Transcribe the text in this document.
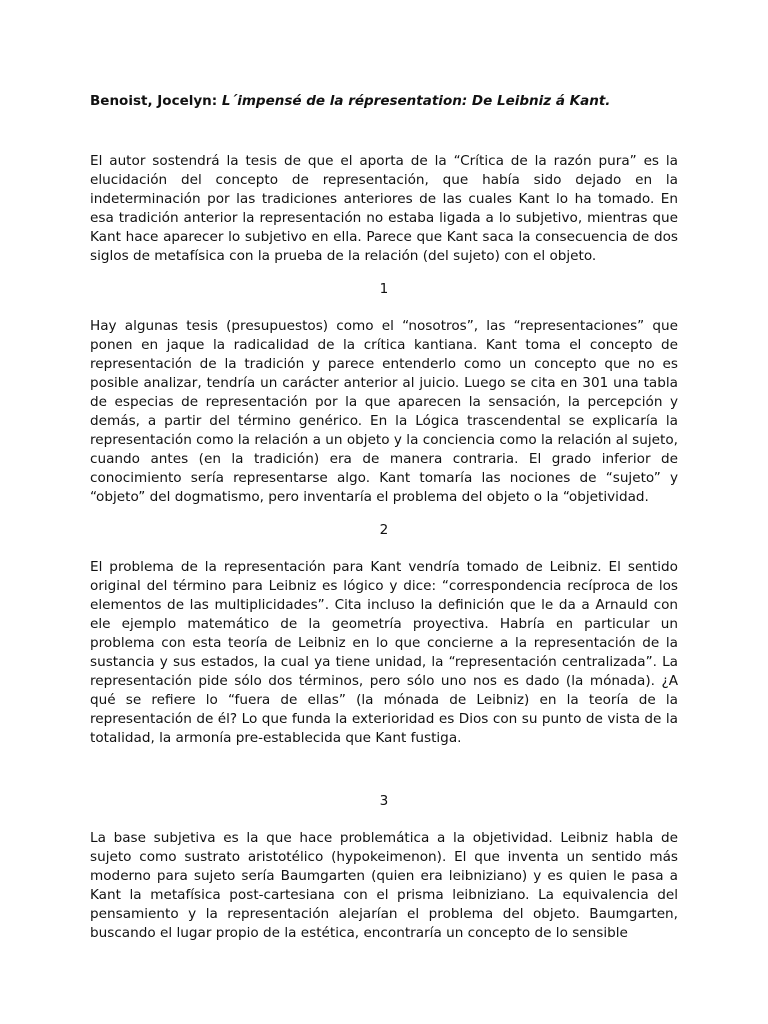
Benoist, Jocelyn: L´impensé de la répresentation: De Leibniz á Kant.

El autor sostendrá la tesis de que el aporta de la “Crítica de la razón pura” es la elucidación del concepto de representación, que había sido dejado en la indeterminación por las tradiciones anteriores de las cuales Kant lo ha tomado. En esa tradición anterior la representación no estaba ligada a lo subjetivo, mientras que Kant hace aparecer lo subjetivo en ella. Parece que Kant saca la consecuencia de dos siglos de metafísica con la prueba de la relación (del sujeto) con el objeto.

1

Hay algunas tesis (presupuestos) como el “nosotros”, las “representaciones” que ponen en jaque la radicalidad de la crítica kantiana. Kant toma el concepto de representación de la tradición y parece entenderlo como un concepto que no es posible analizar, tendría un carácter anterior al juicio. Luego se cita en 301 una tabla de especias de representación por la que aparecen la sensación, la percepción y demás, a partir del término genérico. En la Lógica trascendental se explicaría la representación como la relación a un objeto y la conciencia como la relación al sujeto, cuando antes (en la tradición) era de manera contraria. El grado inferior de conocimiento sería representarse algo. Kant tomaría las nociones de “sujeto” y “objeto” del dogmatismo, pero inventaría el problema del objeto o la “objetividad.

2

El problema de la representación para Kant vendría tomado de Leibniz. El sentido original del término para Leibniz es lógico y dice: “correspondencia recíproca de los elementos de las multiplicidades”. Cita incluso la definición que le da a Arnauld con ele ejemplo matemático de la geometría proyectiva. Habría en particular un problema con esta teoría de Leibniz en lo que concierne a la representación de la sustancia y sus estados, la cual ya tiene unidad, la “representación centralizada”. La representación pide sólo dos términos, pero sólo uno nos es dado (la mónada). ¿A qué se refiere lo “fuera de ellas” (la mónada de Leibniz) en la teoría de la representación de él? Lo que funda la exterioridad es Dios con su punto de vista de la totalidad, la armonía pre-establecida que Kant fustiga.

3

La base subjetiva es la que hace problemática a la objetividad. Leibniz habla de sujeto como sustrato aristotélico (hypokeimenon). El que inventa un sentido más moderno para sujeto sería Baumgarten (quien era leibniziano) y es quien le pasa a Kant la metafísica post-cartesiana con el prisma leibniziano. La equivalencia del pensamiento y la representación alejarían el problema del objeto. Baumgarten, buscando el lugar propio de la estética, encontraría un concepto de lo sensible
